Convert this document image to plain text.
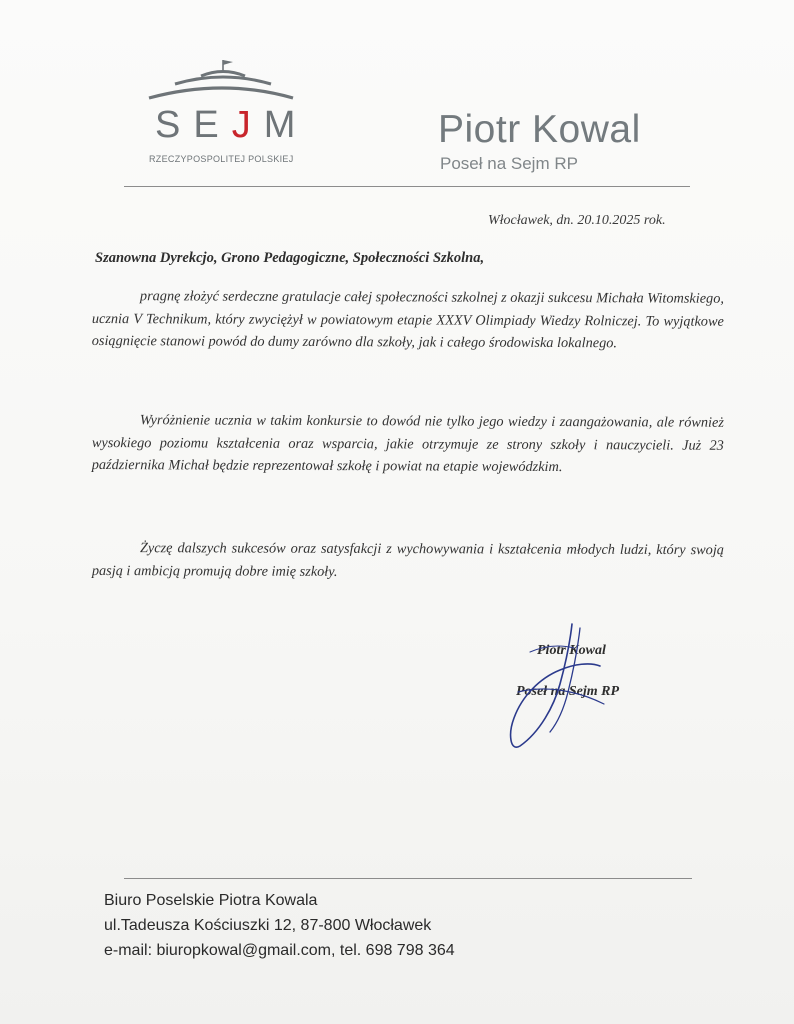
SEJM
RZECZYPOSPOLITEJ POLSKIEJ
Piotr Kowal
Poseł na Sejm RP
Włocławek, dn. 20.10.2025 rok.
Szanowna Dyrekcjo, Grono Pedagogiczne, Społeczności Szkolna,

pragnę złożyć serdeczne gratulacje całej społeczności szkolnej z okazji sukcesu Michała Witomskiego, ucznia V Technikum, który zwyciężył w powiatowym etapie XXXV Olimpiady Wiedzy Rolniczej. To wyjątkowe osiągnięcie stanowi powód do dumy zarówno dla szkoły, jak i całego środowiska lokalnego.

Wyróżnienie ucznia w takim konkursie to dowód nie tylko jego wiedzy i zaangażowania, ale również wysokiego poziomu kształcenia oraz wsparcia, jakie otrzymuje ze strony szkoły i nauczycieli. Już 23 października Michał będzie reprezentował szkołę i powiat na etapie wojewódzkim.

Życzę dalszych sukcesów oraz satysfakcji z wychowywania i kształcenia młodych ludzi, który swoją pasją i ambicją promują dobre imię szkoły.

Piotr Kowal
Poseł na Sejm RP
Biuro Poselskie Piotra Kowala
ul.Tadeusza Kościuszki 12, 87-800 Włocławek
e-mail: biuropkowal@gmail.com, tel. 698 798 364
